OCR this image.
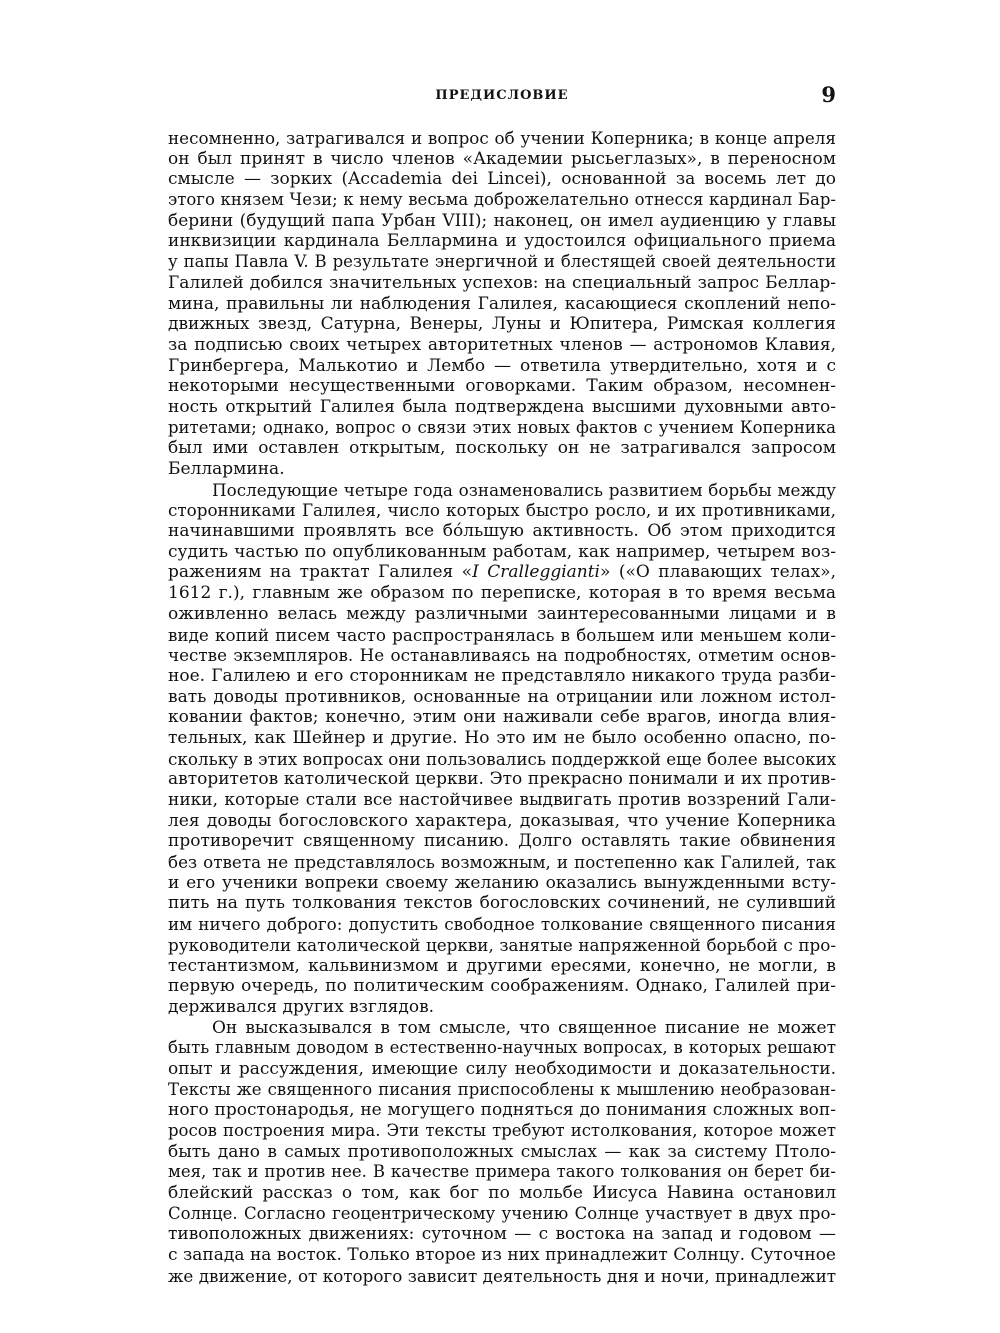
ПРЕДИСЛОВИЕ	9
несомненно, затрагивался и вопрос об учении Коперника; в конце апреля
он был принят в число членов «Академии рысьеглазых», в переносном
смысле — зорких (Accademia dei Lincei), основанной за восемь лет до
этого князем Чези; к нему весьма доброжелательно отнесся кардинал Бар-
берини (будущий папа Урбан VIII); наконец, он имел аудиенцию у главы
инквизиции кардинала Беллармина и удостоился официального приема
у папы Павла V. В результате энергичной и блестящей своей деятельности
Галилей добился значительных успехов: на специальный запрос Беллар-
мина, правильны ли наблюдения Галилея, касающиеся скоплений непо-
движных звезд, Сатурна, Венеры, Луны и Юпитера, Римская коллегия
за подписью своих четырех авторитетных членов — астрономов Клавия,
Гринбергера, Малькотио и Лембо — ответила утвердительно, хотя и с
некоторыми несущественными оговорками. Таким образом, несомнен-
ность открытий Галилея была подтверждена высшими духовными авто-
ритетами; однако, вопрос о связи этих новых фактов с учением Коперника
был ими оставлен открытым, поскольку он не затрагивался запросом
Беллармина.
Последующие четыре года ознаменовались развитием борьбы между
сторонниками Галилея, число которых быстро росло, и их противниками,
начинавшими проявлять все бо́льшую активность. Об этом приходится
судить частью по опубликованным работам, как например, четырем воз-
ражениям на трактат Галилея «I Cralleggianti» («О плавающих телах»,
1612 г.), главным же образом по переписке, которая в то время весьма
оживленно велась между различными заинтересованными лицами и в
виде копий писем часто распространялась в большем или меньшем коли-
честве экземпляров. Не останавливаясь на подробностях, отметим основ-
ное. Галилею и его сторонникам не представляло никакого труда разби-
вать доводы противников, основанные на отрицании или ложном истол-
ковании фактов; конечно, этим они наживали себе врагов, иногда влия-
тельных, как Шейнер и другие. Но это им не было особенно опасно, по-
скольку в этих вопросах они пользовались поддержкой еще более высоких
авторитетов католической церкви. Это прекрасно понимали и их против-
ники, которые стали все настойчивее выдвигать против воззрений Гали-
лея доводы богословского характера, доказывая, что учение Коперника
противоречит священному писанию. Долго оставлять такие обвинения
без ответа не представлялось возможным, и постепенно как Галилей, так
и его ученики вопреки своему желанию оказались вынужденными всту-
пить на путь толкования текстов богословских сочинений, не суливший
им ничего доброго: допустить свободное толкование священного писания
руководители католической церкви, занятые напряженной борьбой с про-
тестантизмом, кальвинизмом и другими ересями, конечно, не могли, в
первую очередь, по политическим соображениям. Однако, Галилей при-
держивался других взглядов.
Он высказывался в том смысле, что священное писание не может
быть главным доводом в естественно-научных вопросах, в которых решают
опыт и рассуждения, имеющие силу необходимости и доказательности.
Тексты же священного писания приспособлены к мышлению необразован-
ного простонародья, не могущего подняться до понимания сложных воп-
росов построения мира. Эти тексты требуют истолкования, которое может
быть дано в самых противоположных смыслах — как за систему Птоло-
мея, так и против нее. В качестве примера такого толкования он берет би-
блейский рассказ о том, как бог по мольбе Иисуса Навина остановил
Солнце. Согласно геоцентрическому учению Солнце участвует в двух про-
тивоположных движениях: суточном — с востока на запад и годовом —
с запада на восток. Только второе из них принадлежит Солнцу. Суточное
же движение, от которого зависит деятельность дня и ночи, принадлежит
